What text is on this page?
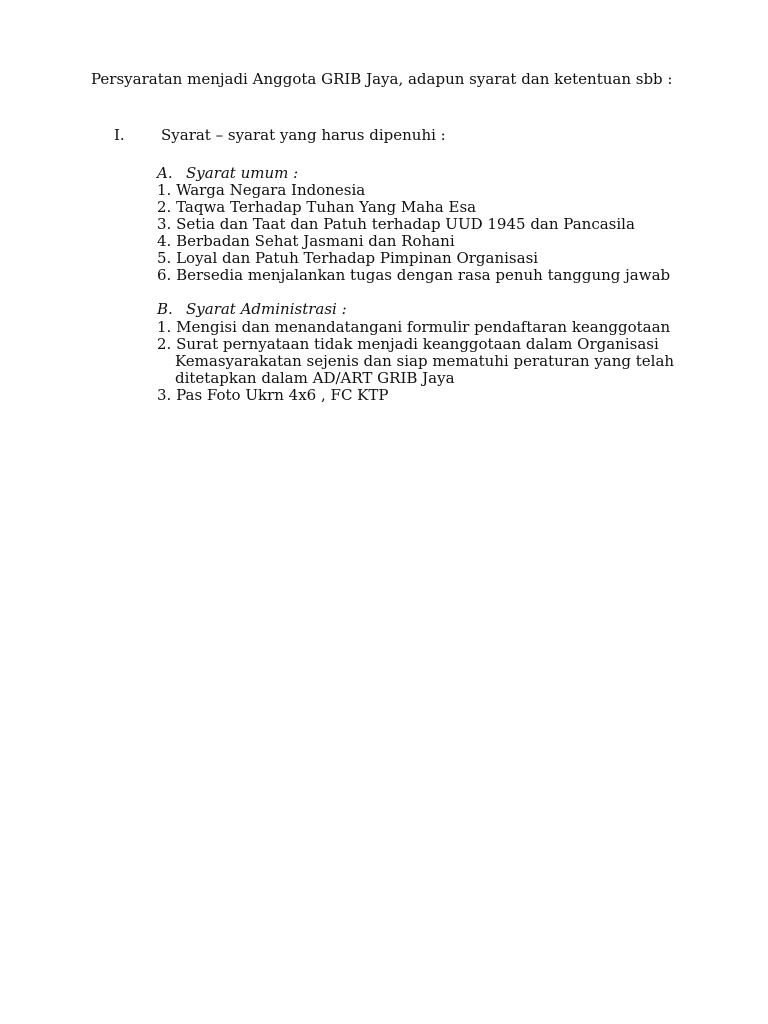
Persyaratan menjadi Anggota GRIB Jaya, adapun syarat dan ketentuan sbb :
I. Syarat – syarat yang harus dipenuhi :
A. Syarat umum :
1. Warga Negara Indonesia
2. Taqwa Terhadap Tuhan Yang Maha Esa
3. Setia dan Taat dan Patuh terhadap UUD 1945 dan Pancasila
4. Berbadan Sehat Jasmani dan Rohani
5. Loyal dan Patuh Terhadap Pimpinan Organisasi
6. Bersedia menjalankan tugas dengan rasa penuh tanggung jawab
B. Syarat Administrasi :
1. Mengisi dan menandatangani formulir pendaftaran keanggotaan
2. Surat pernyataan tidak menjadi keanggotaan dalam Organisasi
Kemasyarakatan sejenis dan siap mematuhi peraturan yang telah
ditetapkan dalam AD/ART GRIB Jaya
3. Pas Foto Ukrn 4x6 , FC KTP
